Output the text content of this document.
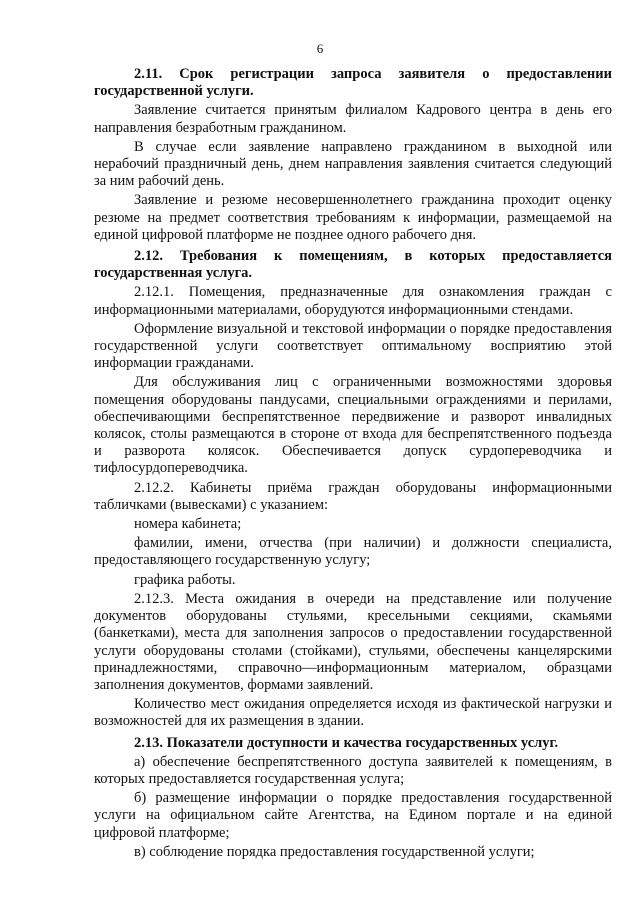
6
2.11. Срок регистрации запроса заявителя о предоставлении государственной услуги.
Заявление считается принятым филиалом Кадрового центра в день его направления безработным гражданином.
В случае если заявление направлено гражданином в выходной или нерабочий праздничный день, днем направления заявления считается следующий за ним рабочий день.
Заявление и резюме несовершеннолетнего гражданина проходит оценку резюме на предмет соответствия требованиям к информации, размещаемой на единой цифровой платформе не позднее одного рабочего дня.
2.12. Требования к помещениям, в которых предоставляется государственная услуга.
2.12.1. Помещения, предназначенные для ознакомления граждан с информационными материалами, оборудуются информационными стендами.
Оформление визуальной и текстовой информации о порядке предоставления государственной услуги соответствует оптимальному восприятию этой информации гражданами.
Для обслуживания лиц с ограниченными возможностями здоровья помещения оборудованы пандусами, специальными ограждениями и перилами, обеспечивающими беспрепятственное передвижение и разворот инвалидных колясок, столы размещаются в стороне от входа для беспрепятственного подъезда и разворота колясок. Обеспечивается допуск сурдопереводчика и тифлосурдопереводчика.
2.12.2. Кабинеты приёма граждан оборудованы информационными табличками (вывесками) с указанием:
номера кабинета;
фамилии, имени, отчества (при наличии) и должности специалиста, предоставляющего государственную услугу;
графика работы.
2.12.3. Места ожидания в очереди на представление или получение документов оборудованы стульями, кресельными секциями, скамьями (банкетками), места для заполнения запросов о предоставлении государственной услуги оборудованы столами (стойками), стульями, обеспечены канцелярскими принадлежностями, справочно—информационным материалом, образцами заполнения документов, формами заявлений.
Количество мест ожидания определяется исходя из фактической нагрузки и возможностей для их размещения в здании.
2.13. Показатели доступности и качества государственных услуг.
а) обеспечение беспрепятственного доступа заявителей к помещениям, в которых предоставляется государственная услуга;
б) размещение информации о порядке предоставления государственной услуги на официальном сайте Агентства, на Едином портале и на единой цифровой платформе;
в) соблюдение порядка предоставления государственной услуги;
